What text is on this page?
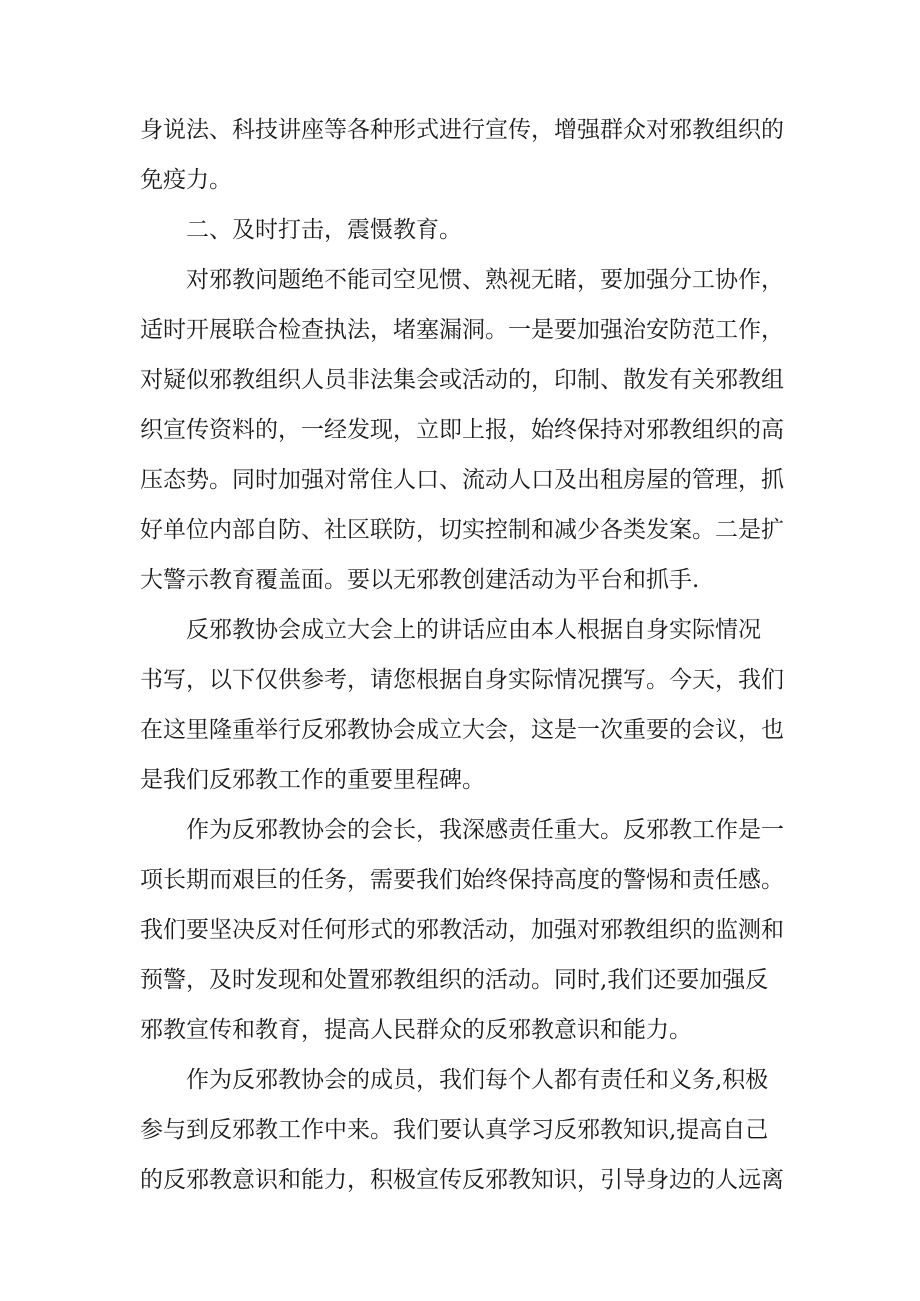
身说法、科技讲座等各种形式进行宣传，增强群众对邪教组织的
免疫力。
二、及时打击，震慑教育。
对邪教问题绝不能司空见惯、熟视无睹，要加强分工协作，
适时开展联合检查执法，堵塞漏洞。一是要加强治安防范工作，
对疑似邪教组织人员非法集会或活动的，印制、散发有关邪教组
织宣传资料的，一经发现，立即上报，始终保持对邪教组织的高
压态势。同时加强对常住人口、流动人口及出租房屋的管理，抓
好单位内部自防、社区联防，切实控制和减少各类发案。二是扩
大警示教育覆盖面。要以无邪教创建活动为平台和抓手.
反邪教协会成立大会上的讲话应由本人根据自身实际情况
书写，以下仅供参考，请您根据自身实际情况撰写。今天，我们
在这里隆重举行反邪教协会成立大会，这是一次重要的会议，也
是我们反邪教工作的重要里程碑。
作为反邪教协会的会长，我深感责任重大。反邪教工作是一
项长期而艰巨的任务，需要我们始终保持高度的警惕和责任感。
我们要坚决反对任何形式的邪教活动，加强对邪教组织的监测和
预警，及时发现和处置邪教组织的活动。同时,我们还要加强反
邪教宣传和教育，提高人民群众的反邪教意识和能力。
作为反邪教协会的成员，我们每个人都有责任和义务,积极
参与到反邪教工作中来。我们要认真学习反邪教知识,提高自己
的反邪教意识和能力，积极宣传反邪教知识，引导身边的人远离
